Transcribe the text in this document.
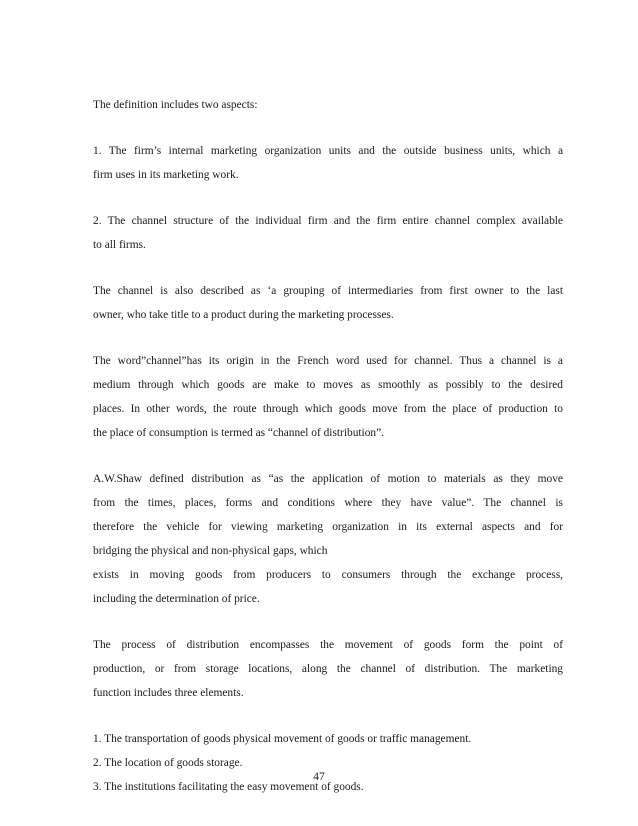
The definition includes two aspects:

1. The firm’s internal marketing organization units and the outside business units, which a
firm uses in its marketing work.

2. The channel structure of the individual firm and the firm entire channel complex available
to all firms.

The channel is also described as ‘a grouping of intermediaries from first owner to the last
owner, who take title to a product during the marketing processes.

The word”channel”has its origin in the French word used for channel. Thus a channel is a
medium through which goods are make to moves as smoothly as possibly to the desired
places. In other words, the route through which goods move from the place of production to
the place of consumption is termed as “channel of distribution”.

A.W.Shaw defined distribution as “as the application of motion to materials as they move
from the times, places, forms and conditions where they have value”. The channel is
therefore the vehicle for viewing marketing organization in its external aspects and for
bridging the physical and non-physical gaps, which
exists in moving goods from producers to consumers through the exchange process,
including the determination of price.

The process of distribution encompasses the movement of goods form the point of
production, or from storage locations, along the channel of distribution. The marketing
function includes three elements.

1. The transportation of goods physical movement of goods or traffic management.
2. The location of goods storage.
3. The institutions facilitating the easy movement of goods.
47
